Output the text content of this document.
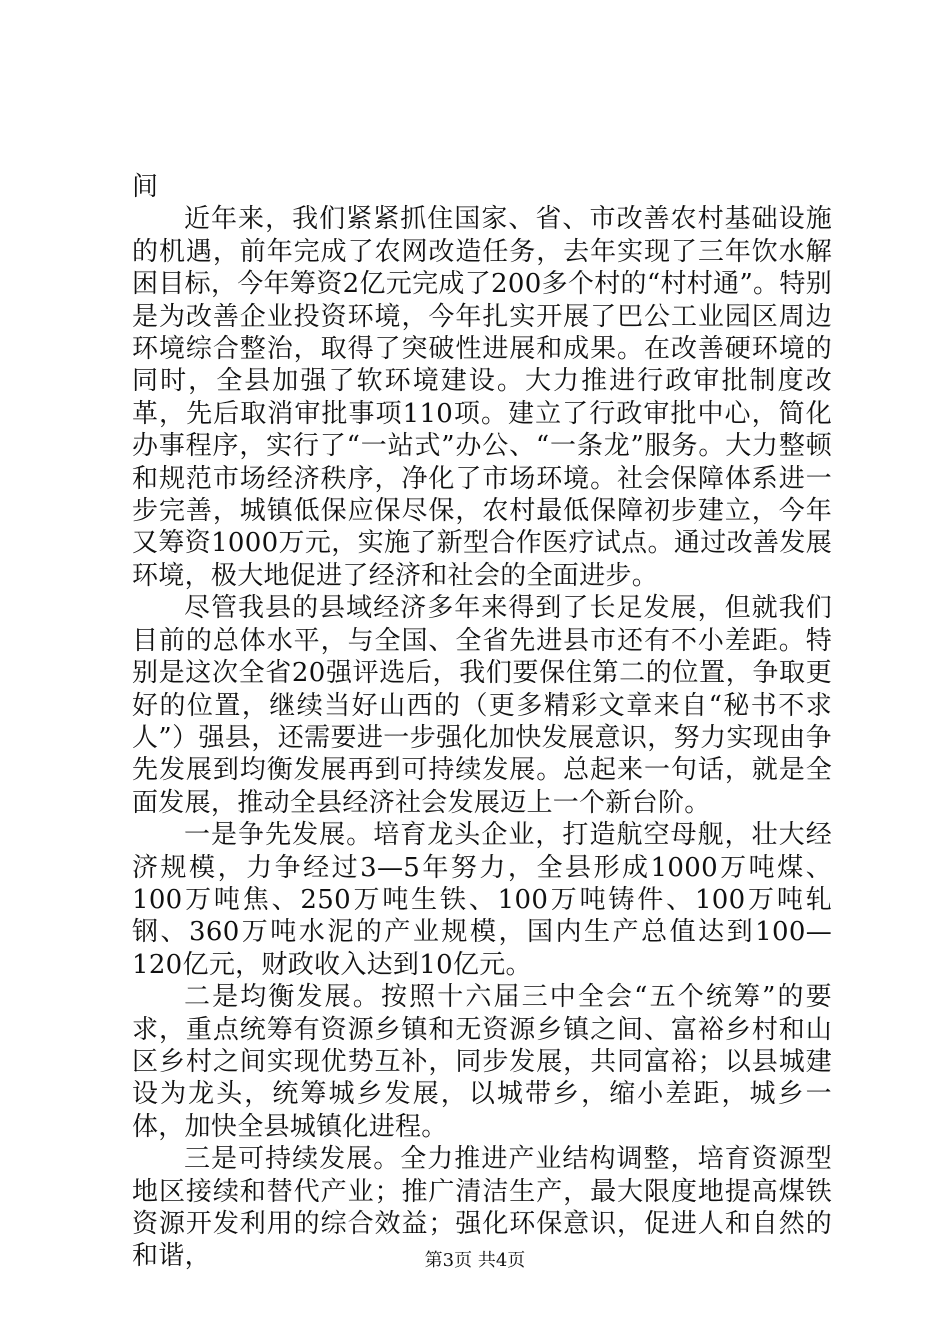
间

近年来，我们紧紧抓住国家、省、市改善农村基础设施的机遇，前年完成了农网改造任务，去年实现了三年饮水解困目标，今年筹资2亿元完成了200多个村的“村村通”。特别是为改善企业投资环境，今年扎实开展了巴公工业园区周边环境综合整治，取得了突破性进展和成果。在改善硬环境的同时，全县加强了软环境建设。大力推进行政审批制度改革，先后取消审批事项110项。建立了行政审批中心，简化办事程序，实行了“一站式”办公、“一条龙”服务。大力整顿和规范市场经济秩序，净化了市场环境。社会保障体系进一步完善，城镇低保应保尽保，农村最低保障初步建立，今年又筹资1000万元，实施了新型合作医疗试点。通过改善发展环境，极大地促进了经济和社会的全面进步。

尽管我县的县域经济多年来得到了长足发展，但就我们目前的总体水平，与全国、全省先进县市还有不小差距。特别是这次全省20强评选后，我们要保住第二的位置，争取更好的位置，继续当好山西的（更多精彩文章来自“秘书不求人”）强县，还需要进一步强化加快发展意识，努力实现由争先发展到均衡发展再到可持续发展。总起来一句话，就是全面发展，推动全县经济社会发展迈上一个新台阶。

一是争先发展。培育龙头企业，打造航空母舰，壮大经济规模，力争经过3—5年努力，全县形成1000万吨煤、100万吨焦、250万吨生铁、100万吨铸件、100万吨轧钢、360万吨水泥的产业规模，国内生产总值达到100—120亿元，财政收入达到10亿元。

二是均衡发展。按照十六届三中全会“五个统筹”的要求，重点统筹有资源乡镇和无资源乡镇之间、富裕乡村和山区乡村之间实现优势互补，同步发展，共同富裕；以县城建设为龙头，统筹城乡发展，以城带乡，缩小差距，城乡一体，加快全县城镇化进程。

三是可持续发展。全力推进产业结构调整，培育资源型地区接续和替代产业；推广清洁生产，最大限度地提高煤铁资源开发利用的综合效益；强化环保意识，促进人和自然的和谐，	第3页 共4页
